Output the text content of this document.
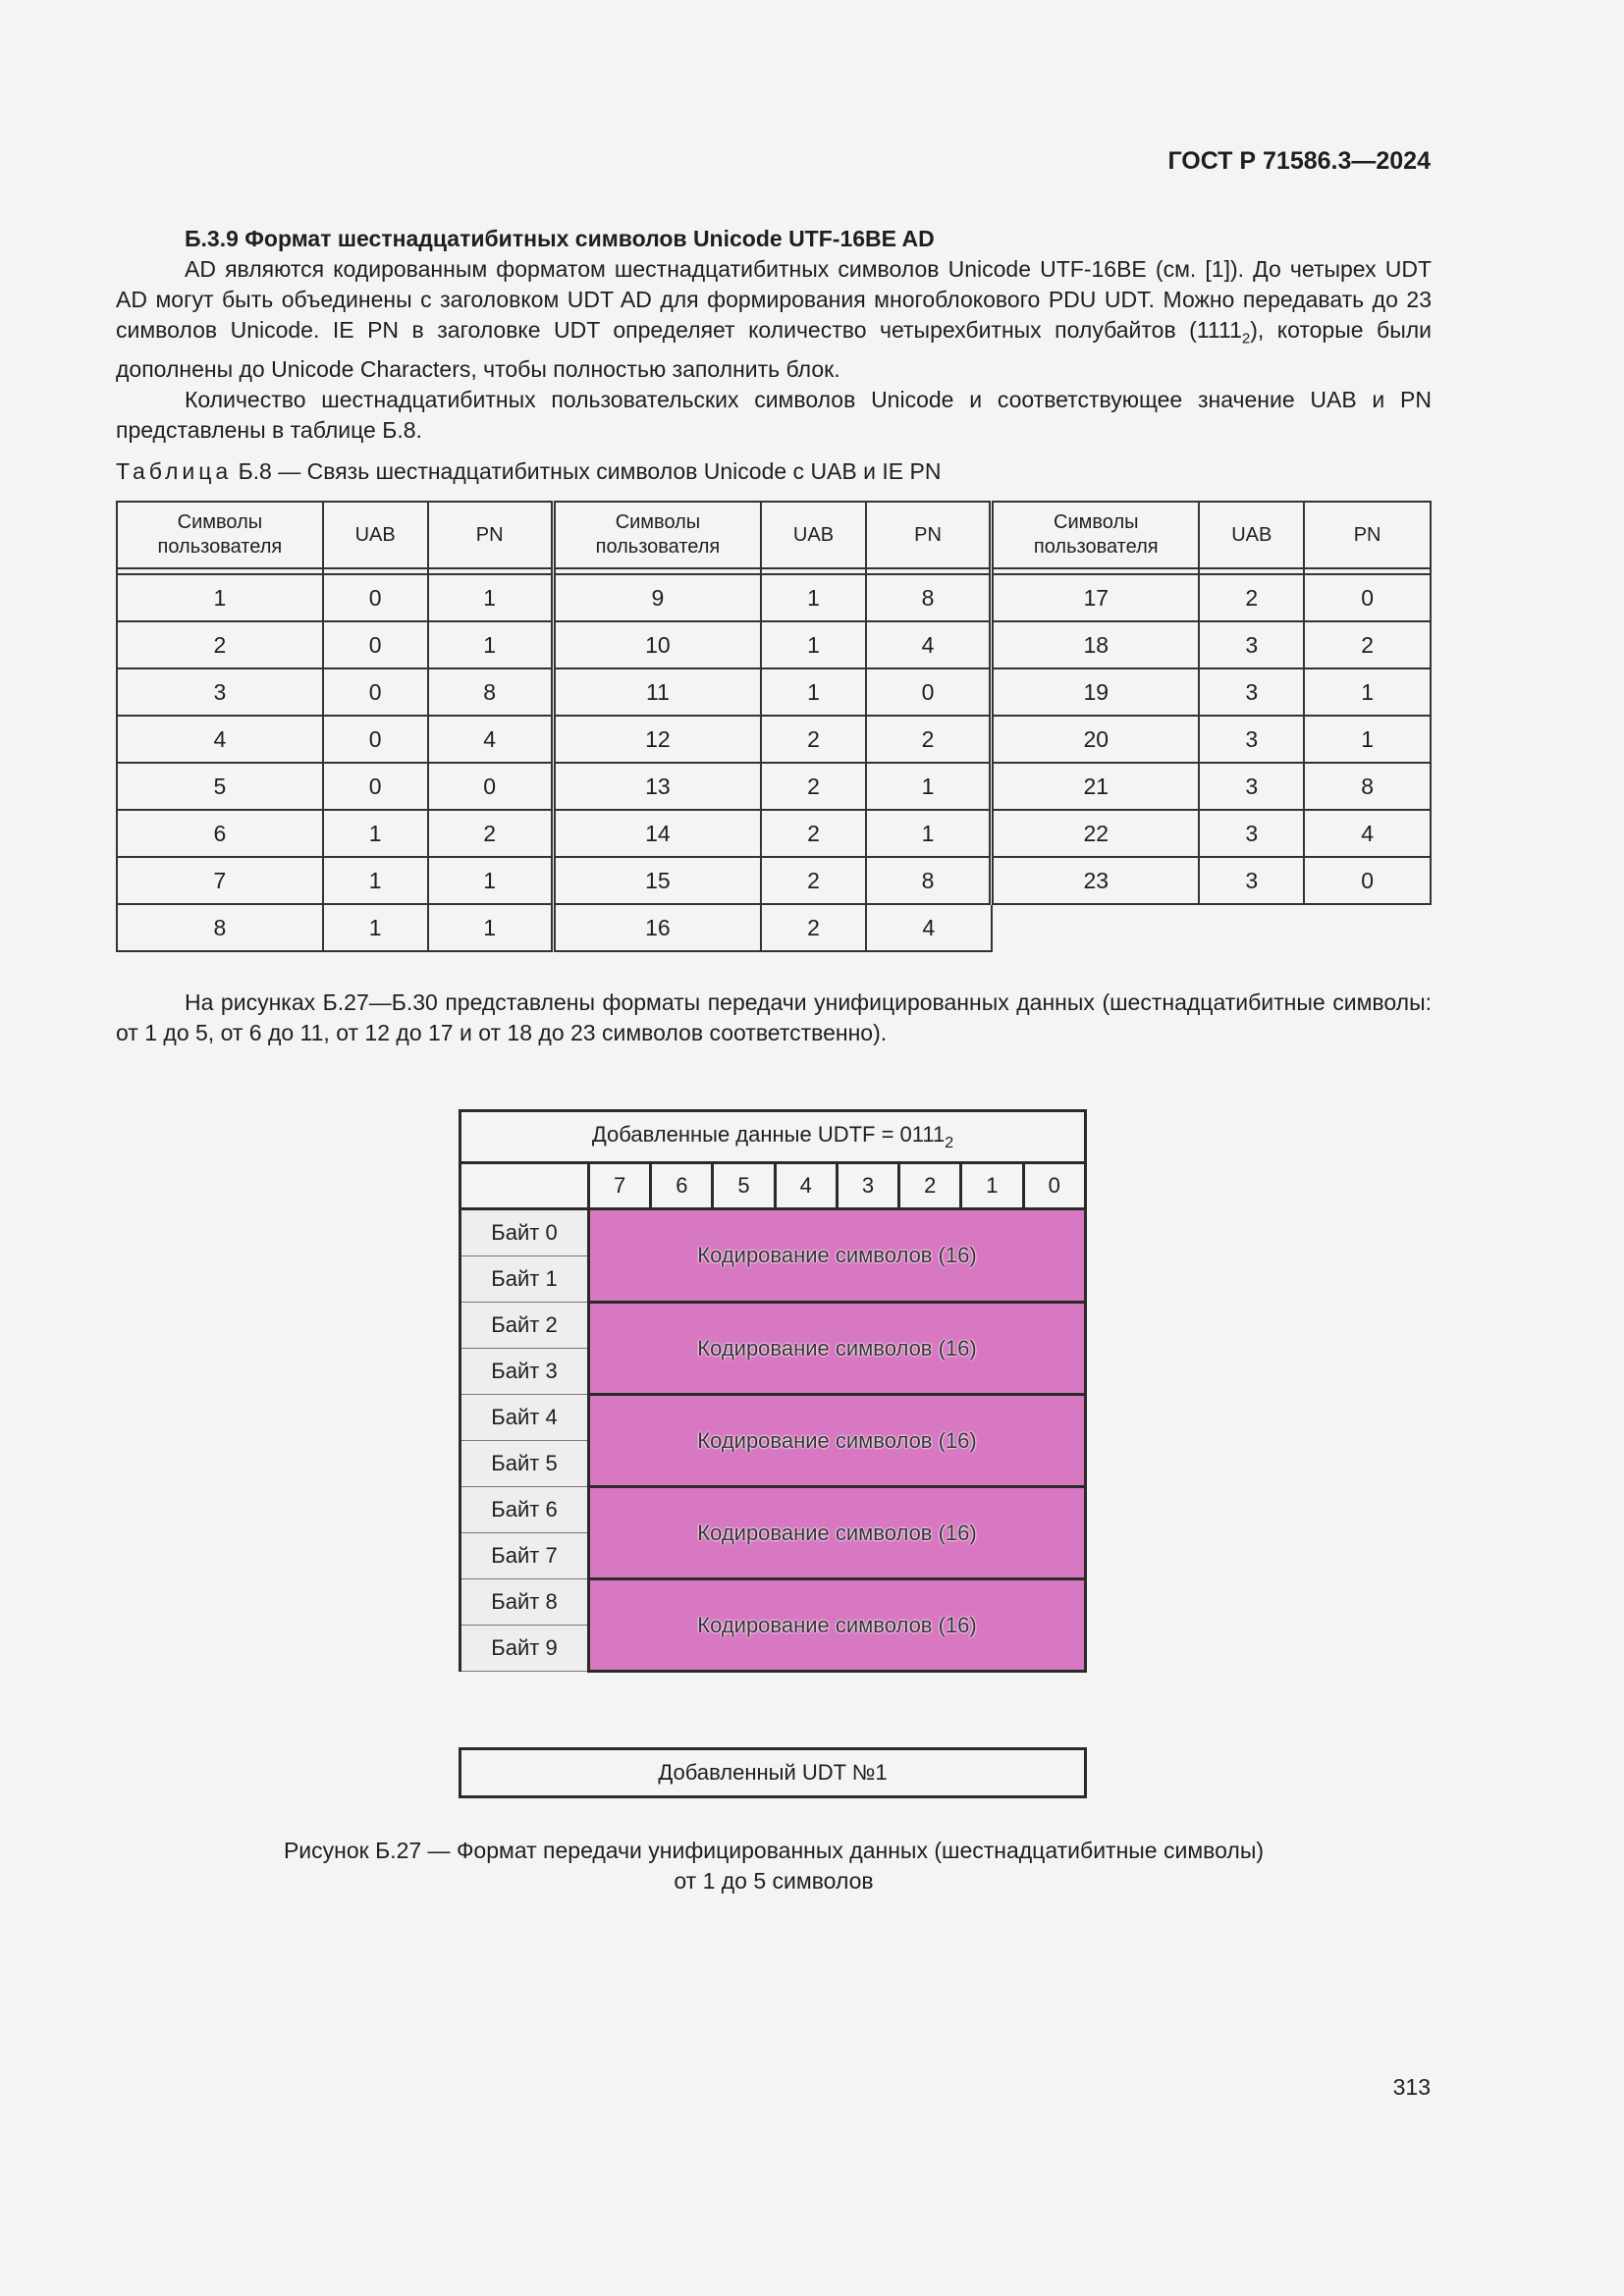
ГОСТ Р 71586.3—2024
Б.3.9 Формат шестнадцатибитных символов Unicode UTF-16BE AD

AD являются кодированным форматом шестнадцатибитных символов Unicode UTF-16BE (см. [1]). До четырех UDT AD могут быть объединены с заголовком UDT AD для формирования многоблокового PDU UDT. Можно передавать до 23 символов Unicode. IE PN в заголовке UDT определяет количество четырехбитных полубайтов $(1111_2)$, которые были дополнены до Unicode Characters, чтобы полностью заполнить блок.

Количество шестнадцатибитных пользовательских символов Unicode и соответствующее значение UAB и PN представлены в таблице Б.8.

Таблица Б.8 — Связь шестнадцатибитных символов Unicode с UAB и IE PN
Символы пользователя	UAB	PN	Символы пользователя	UAB	PN	Символы пользователя	UAB	PN

1	0	1	9	1	8	17	2	0
2	0	1	10	1	4	18	3	2
3	0	8	11	1	0	19	3	1
4	0	4	12	2	2	20	3	1
5	0	0	13	2	1	21	3	8
6	1	2	14	2	1	22	3	4
7	1	1	15	2	8	23	3	0
8	1	1	16	2	4			

На рисунках Б.27—Б.30 представлены форматы передачи унифицированных данных (шестнадцатибитные символы: от 1 до 5, от 6 до 11, от 12 до 17 и от 18 до 23 символов соответственно).

Добавленные данные UDTF = $0111_2$
	7	6	5	4	3	2	1	0
Байт 0	Кодирование символов (16)							
Байт 1								
Байт 2	Кодирование символов (16)							
Байт 3								
Байт 4	Кодирование символов (16)							
Байт 5								
Байт 6	Кодирование символов (16)							
Байт 7								
Байт 8	Кодирование символов (16)							
Байт 9								
Добавленный UDT №1
Рисунок Б.27 — Формат передачи унифицированных данных (шестнадцатибитные символы)
от 1 до 5 символов
313
